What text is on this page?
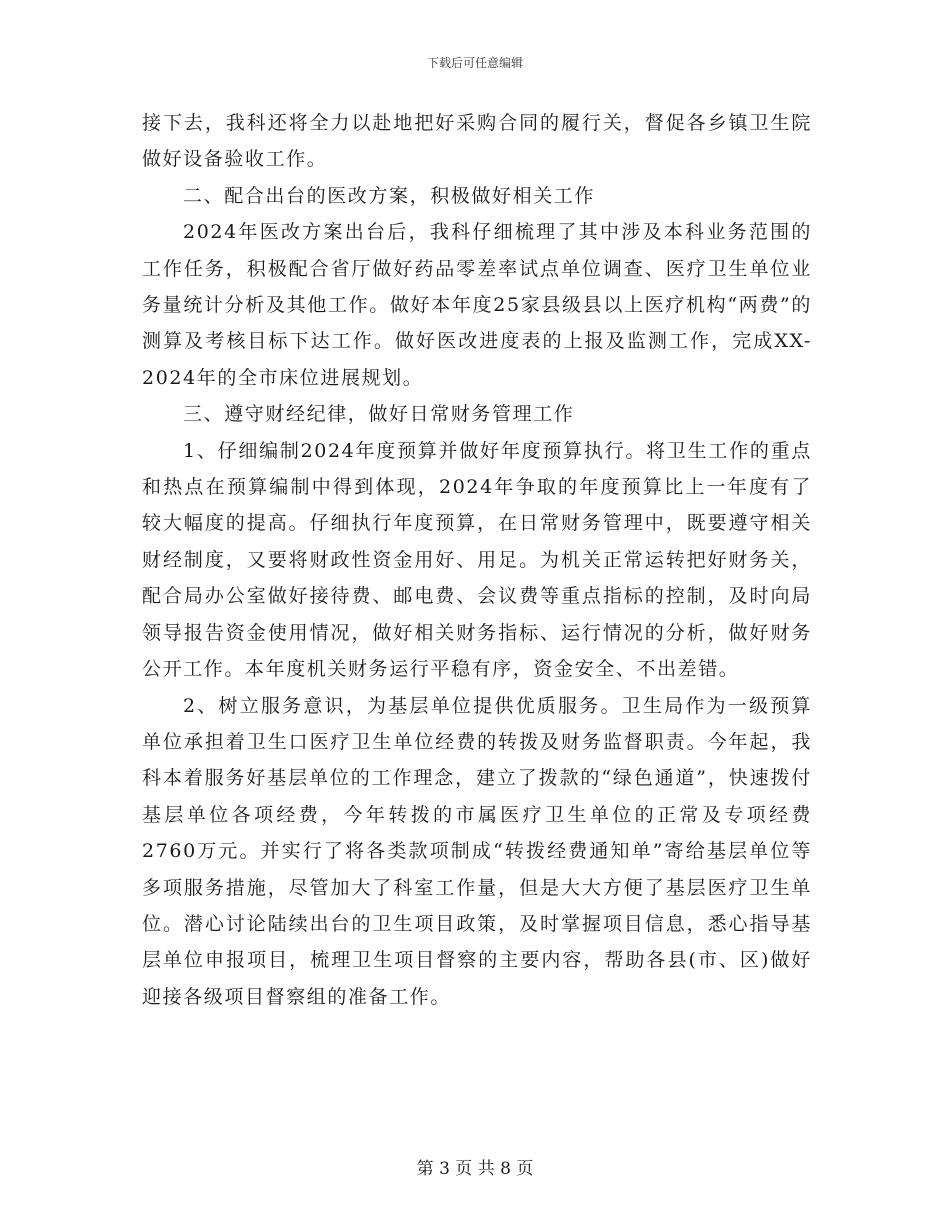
下载后可任意编辑

接下去，我科还将全力以赴地把好采购合同的履行关，督促各乡镇卫生院做好设备验收工作。

二、配合出台的医改方案，积极做好相关工作

2024年医改方案出台后，我科仔细梳理了其中涉及本科业务范围的工作任务，积极配合省厅做好药品零差率试点单位调查、医疗卫生单位业务量统计分析及其他工作。做好本年度25家县级县以上医疗机构“两费”的测算及考核目标下达工作。做好医改进度表的上报及监测工作，完成XX-2024年的全市床位进展规划。

三、遵守财经纪律，做好日常财务管理工作

1、仔细编制2024年度预算并做好年度预算执行。将卫生工作的重点和热点在预算编制中得到体现，2024年争取的年度预算比上一年度有了较大幅度的提高。仔细执行年度预算，在日常财务管理中，既要遵守相关财经制度，又要将财政性资金用好、用足。为机关正常运转把好财务关，配合局办公室做好接待费、邮电费、会议费等重点指标的控制，及时向局领导报告资金使用情况，做好相关财务指标、运行情况的分析，做好财务公开工作。本年度机关财务运行平稳有序，资金安全、不出差错。

2、树立服务意识，为基层单位提供优质服务。卫生局作为一级预算单位承担着卫生口医疗卫生单位经费的转拨及财务监督职责。今年起，我科本着服务好基层单位的工作理念，建立了拨款的“绿色通道”，快速拨付基层单位各项经费，今年转拨的市属医疗卫生单位的正常及专项经费2760万元。并实行了将各类款项制成“转拨经费通知单”寄给基层单位等多项服务措施，尽管加大了科室工作量，但是大大方便了基层医疗卫生单位。潜心讨论陆续出台的卫生项目政策，及时掌握项目信息，悉心指导基层单位申报项目，梳理卫生项目督察的主要内容，帮助各县(市、区)做好迎接各级项目督察组的准备工作。

第 3 页 共 8 页
